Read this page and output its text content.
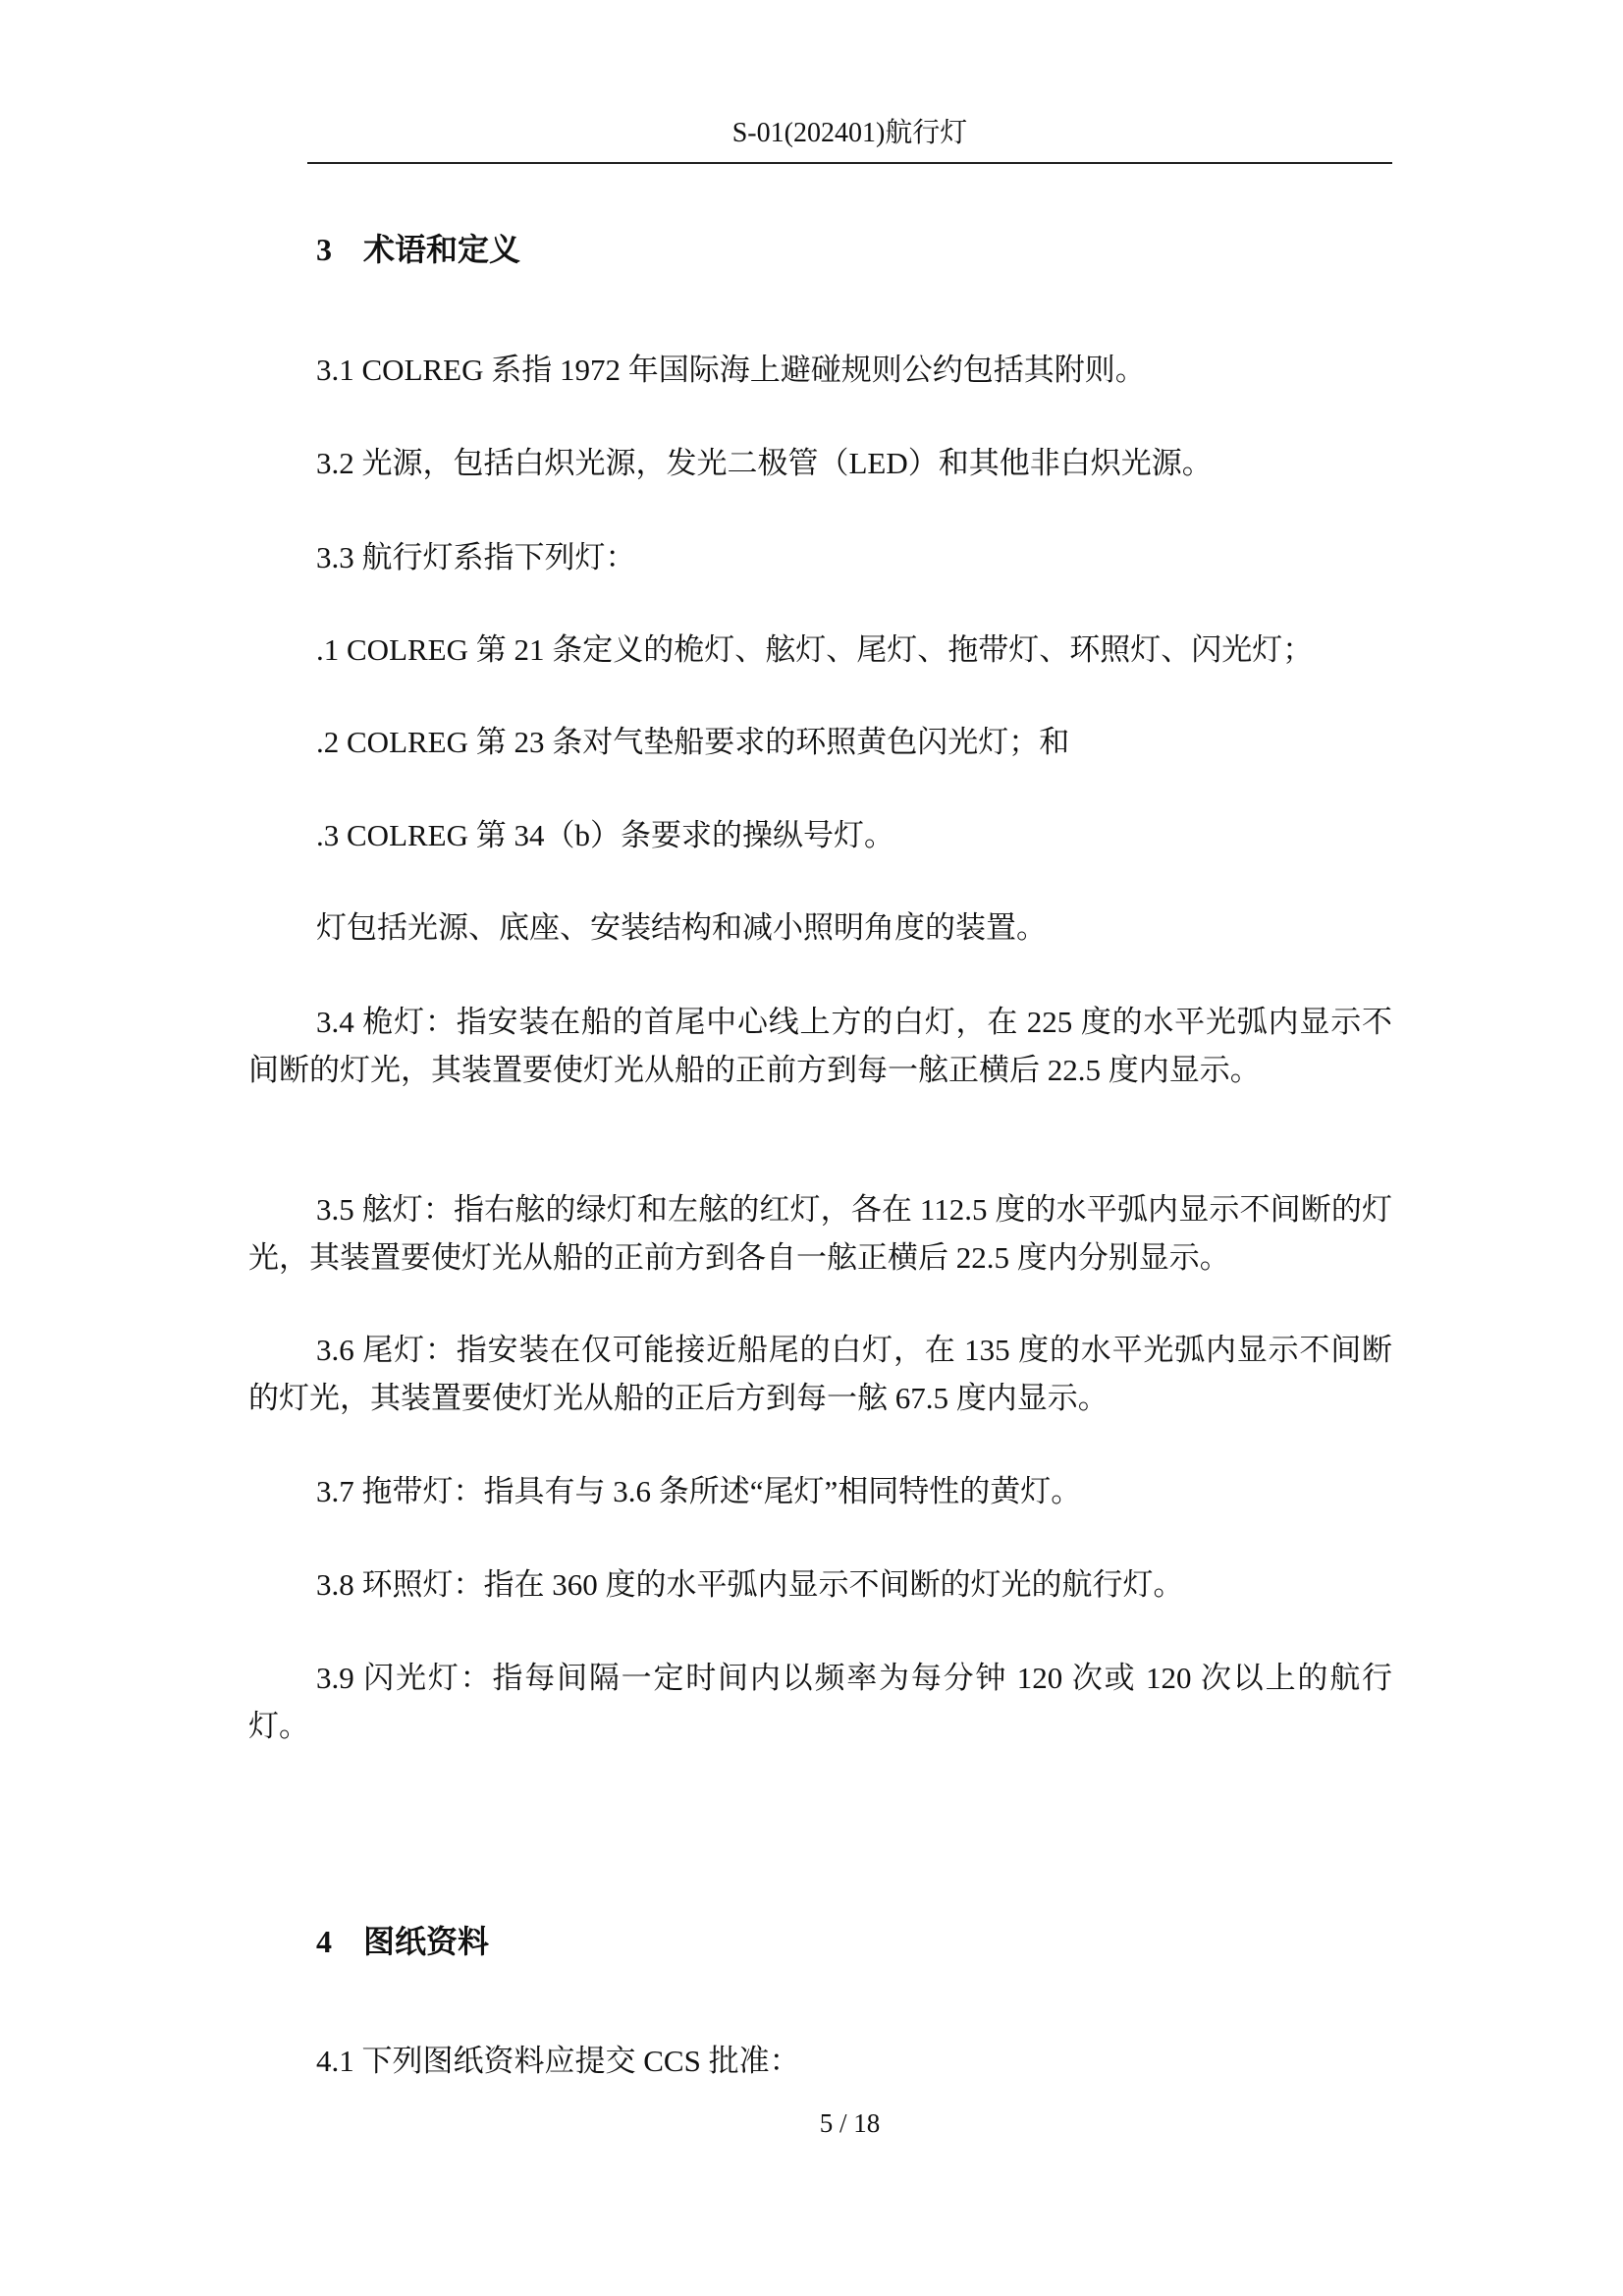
S-01(202401)航行灯
3 术语和定义
3.1 COLREG 系指 1972 年国际海上避碰规则公约包括其附则。
3.2 光源，包括白炽光源，发光二极管（LED）和其他非白炽光源。
3.3 航行灯系指下列灯：
.1 COLREG 第 21 条定义的桅灯、舷灯、尾灯、拖带灯、环照灯、闪光灯；
.2 COLREG 第 23 条对气垫船要求的环照黄色闪光灯；和
.3 COLREG 第 34（b）条要求的操纵号灯。
灯包括光源、底座、安装结构和减小照明角度的装置。
3.4 桅灯：指安装在船的首尾中心线上方的白灯，在 225 度的水平光弧内显示不间断的灯光，其装置要使灯光从船的正前方到每一舷正横后 22.5 度内显示。
3.5 舷灯：指右舷的绿灯和左舷的红灯，各在 112.5 度的水平弧内显示不间断的灯光，其装置要使灯光从船的正前方到各自一舷正横后 22.5 度内分别显示。
3.6 尾灯：指安装在仅可能接近船尾的白灯，在 135 度的水平光弧内显示不间断的灯光，其装置要使灯光从船的正后方到每一舷 67.5 度内显示。
3.7 拖带灯：指具有与 3.6 条所述“尾灯”相同特性的黄灯。
3.8 环照灯：指在 360 度的水平弧内显示不间断的灯光的航行灯。
3.9 闪光灯：指每间隔一定时间内以频率为每分钟 120 次或 120 次以上的航行灯。
4 图纸资料
4.1 下列图纸资料应提交 CCS 批准：
5 / 18
